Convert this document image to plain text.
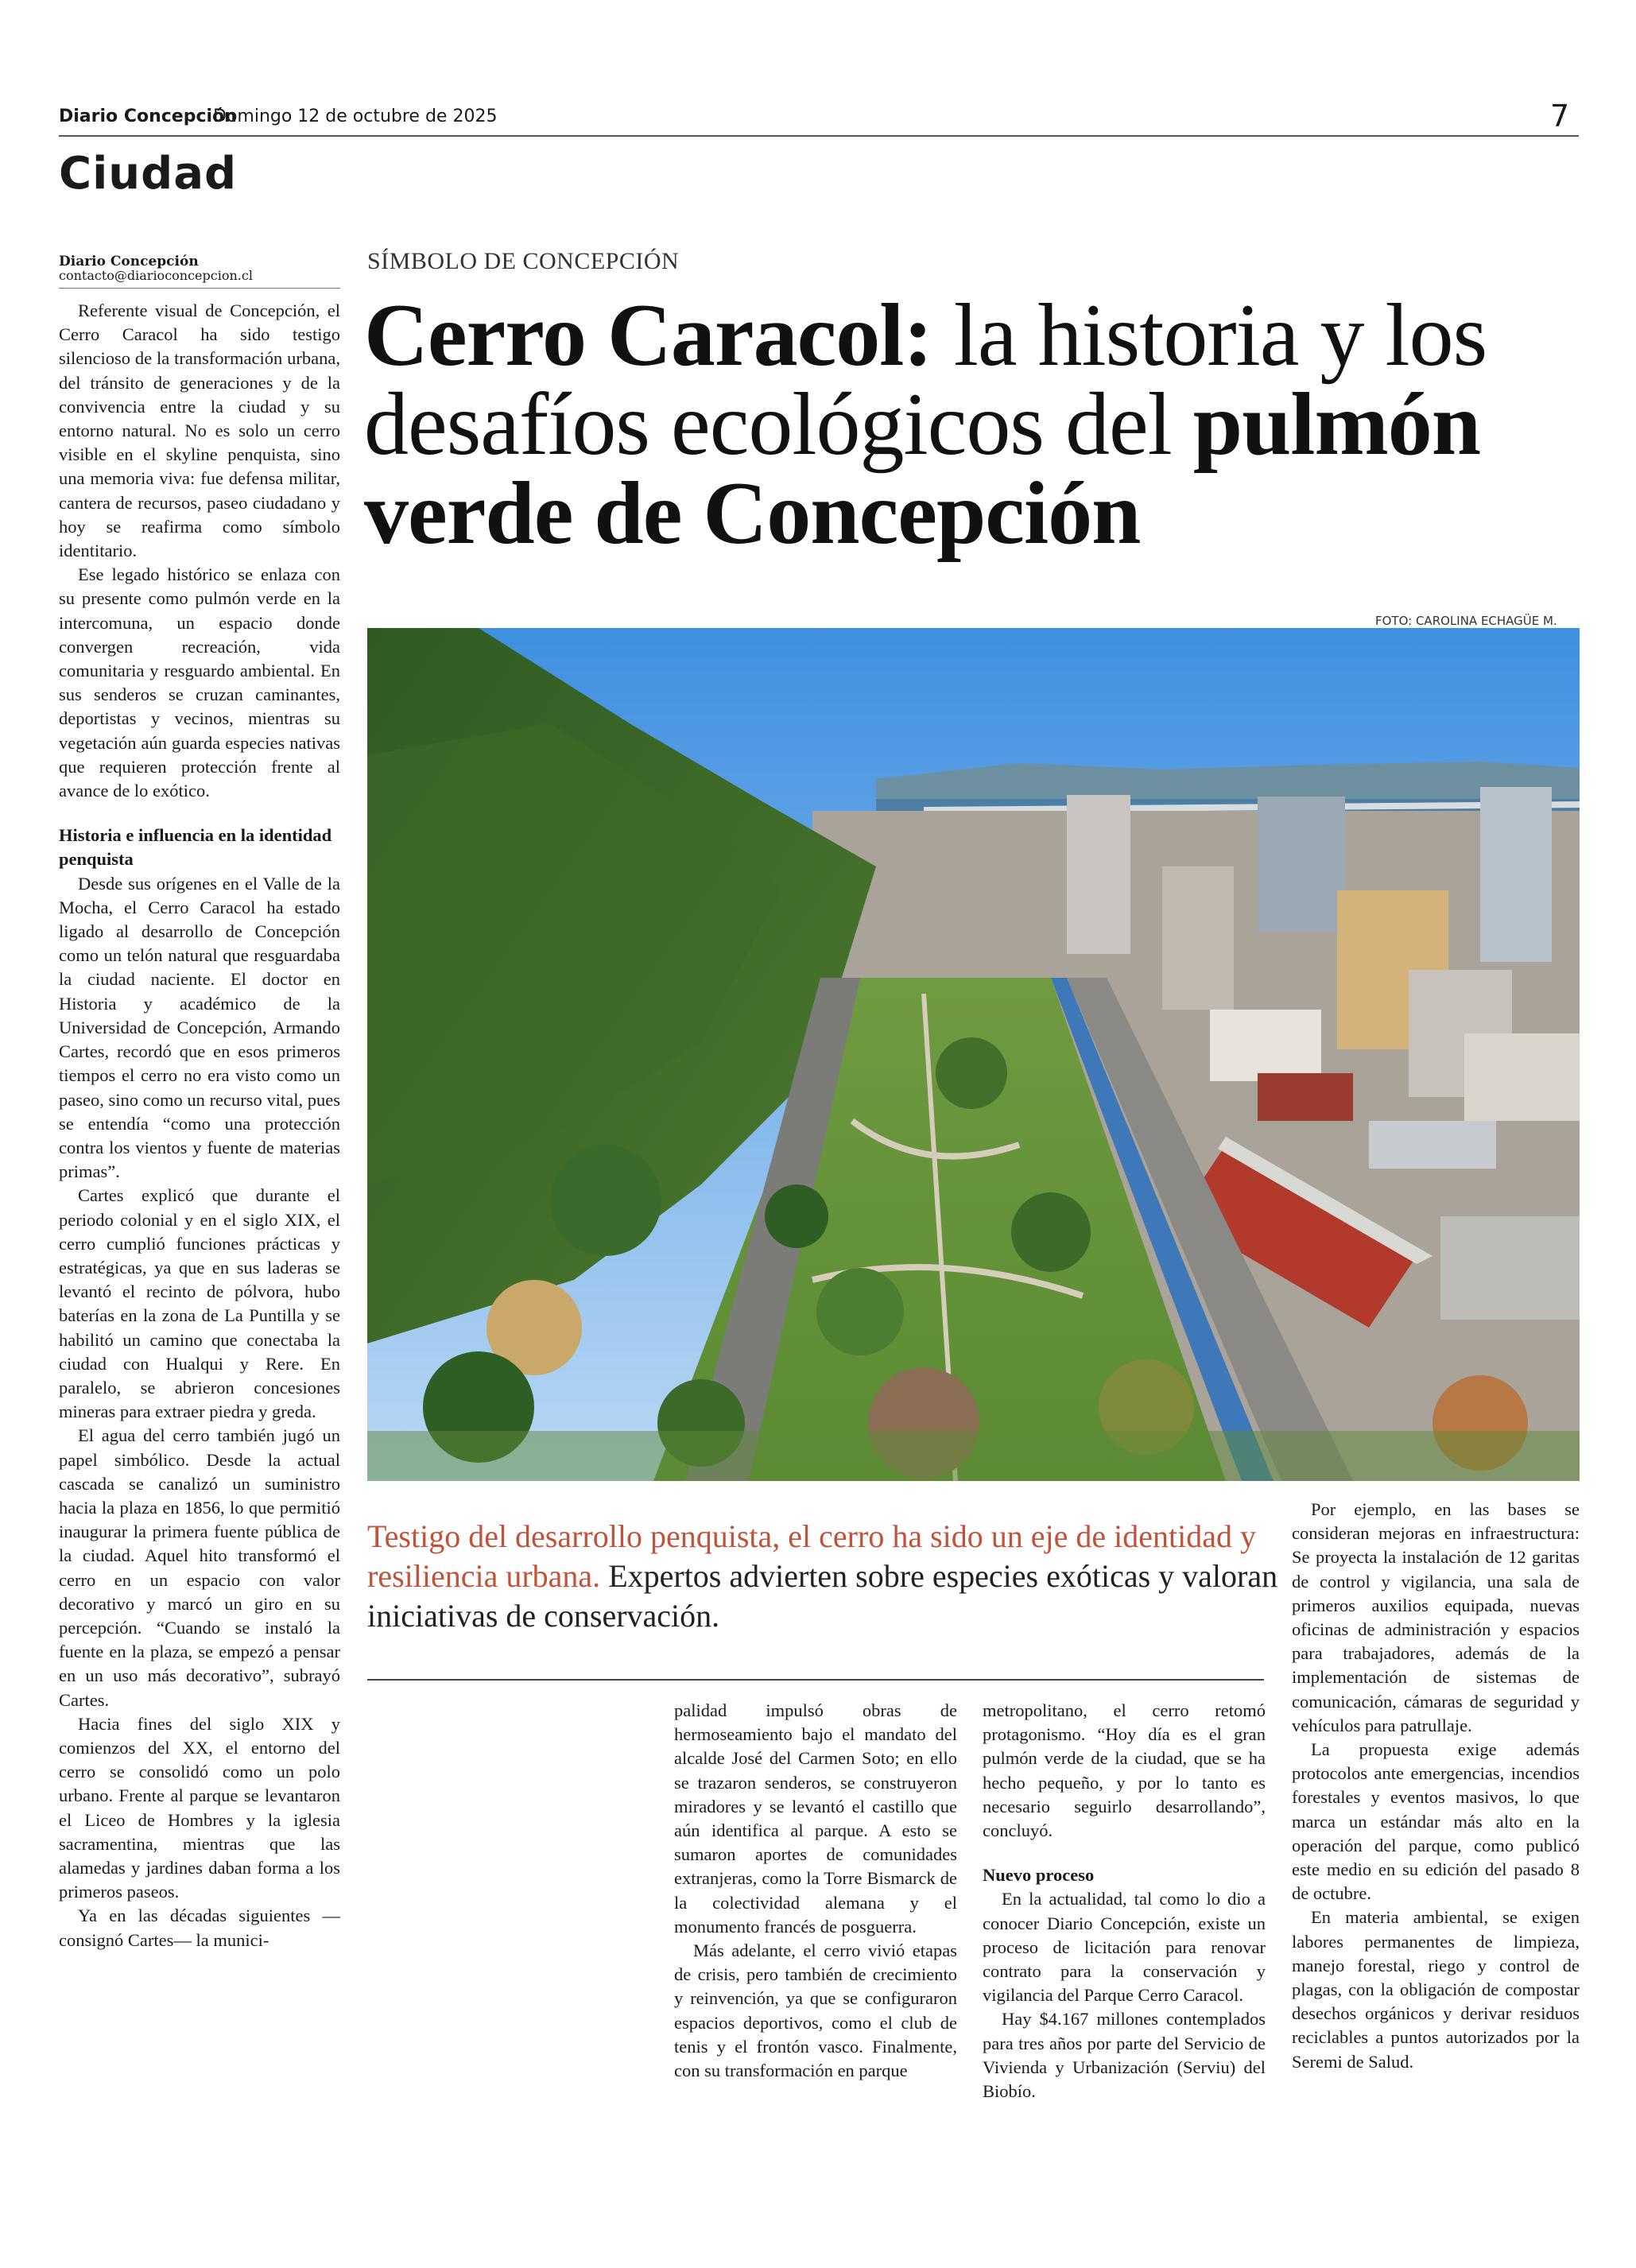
Diario Concepción
Domingo 12 de octubre de 2025	7
Ciudad
Diario Concepción
contacto@diarioconcepcion.cl

Referente visual de Concepción, el Cerro Caracol ha sido testigo silencioso de la transformación urbana, del tránsito de generaciones y de la convivencia entre la ciudad y su entorno natural. No es solo un cerro visible en el skyline penquista, sino una memoria viva: fue defensa militar, cantera de recursos, paseo ciudadano y hoy se reafirma como símbolo identitario.

Ese legado histórico se enlaza con su presente como pulmón verde en la intercomuna, un espacio donde convergen recreación, vida comunitaria y resguardo ambiental. En sus senderos se cruzan caminantes, deportistas y vecinos, mientras su vegetación aún guarda especies nativas que requieren protección frente al avance de lo exótico.

Historia e influencia en la identidad penquista

Desde sus orígenes en el Valle de la Mocha, el Cerro Caracol ha estado ligado al desarrollo de Concepción como un telón natural que resguardaba la ciudad naciente. El doctor en Historia y académico de la Universidad de Concepción, Armando Cartes, recordó que en esos primeros tiempos el cerro no era visto como un paseo, sino como un recurso vital, pues se entendía “como una protección contra los vientos y fuente de materias primas”.

Cartes explicó que durante el periodo colonial y en el siglo XIX, el cerro cumplió funciones prácticas y estratégicas, ya que en sus laderas se levantó el recinto de pólvora, hubo baterías en la zona de La Puntilla y se habilitó un camino que conectaba la ciudad con Hualqui y Rere. En paralelo, se abrieron concesiones mineras para extraer piedra y greda.

El agua del cerro también jugó un papel simbólico. Desde la actual cascada se canalizó un suministro hacia la plaza en 1856, lo que permitió inaugurar la primera fuente pública de la ciudad. Aquel hito transformó el cerro en un espacio con valor decorativo y marcó un giro en su percepción. “Cuando se instaló la fuente en la plaza, se empezó a pensar en un uso más decorativo”, subrayó Cartes.

Hacia fines del siglo XIX y comienzos del XX, el entorno del cerro se consolidó como un polo urbano. Frente al parque se levantaron el Liceo de Hombres y la iglesia sacramentina, mientras que las alamedas y jardines daban forma a los primeros paseos.

Ya en las décadas siguientes —consignó Cartes— la munici-

SÍMBOLO DE CONCEPCIÓN
Cerro Caracol: la historia y los desafíos ecológicos del pulmón verde de Concepción
FOTO: CAROLINA ECHAGÜE M.
Testigo del desarrollo penquista, el cerro ha sido un eje de identidad y resiliencia urbana. Expertos advierten sobre especies exóticas y valoran iniciativas de conservación.

palidad impulsó obras de hermoseamiento bajo el mandato del alcalde José del Carmen Soto; en ello se trazaron senderos, se construyeron miradores y se levantó el castillo que aún identifica al parque. A esto se sumaron aportes de comunidades extranjeras, como la Torre Bismarck de la colectividad alemana y el monumento francés de posguerra.

Más adelante, el cerro vivió etapas de crisis, pero también de crecimiento y reinvención, ya que se configuraron espacios deportivos, como el club de tenis y el frontón vasco. Finalmente, con su transformación en parque

metropolitano, el cerro retomó protagonismo. “Hoy día es el gran pulmón verde de la ciudad, que se ha hecho pequeño, y por lo tanto es necesario seguirlo desarrollando”, concluyó.

Nuevo proceso

En la actualidad, tal como lo dio a conocer Diario Concepción, existe un proceso de licitación para renovar contrato para la conservación y vigilancia del Parque Cerro Caracol.

Hay $4.167 millones contemplados para tres años por parte del Servicio de Vivienda y Urbanización (Serviu) del Biobío.

Por ejemplo, en las bases se consideran mejoras en infraestructura: Se proyecta la instalación de 12 garitas de control y vigilancia, una sala de primeros auxilios equipada, nuevas oficinas de administración y espacios para trabajadores, además de la implementación de sistemas de comunicación, cámaras de seguridad y vehículos para patrullaje.

La propuesta exige además protocolos ante emergencias, incendios forestales y eventos masivos, lo que marca un estándar más alto en la operación del parque, como publicó este medio en su edición del pasado 8 de octubre.

En materia ambiental, se exigen labores permanentes de limpieza, manejo forestal, riego y control de plagas, con la obligación de compostar desechos orgánicos y derivar residuos reciclables a puntos autorizados por la Seremi de Salud.
